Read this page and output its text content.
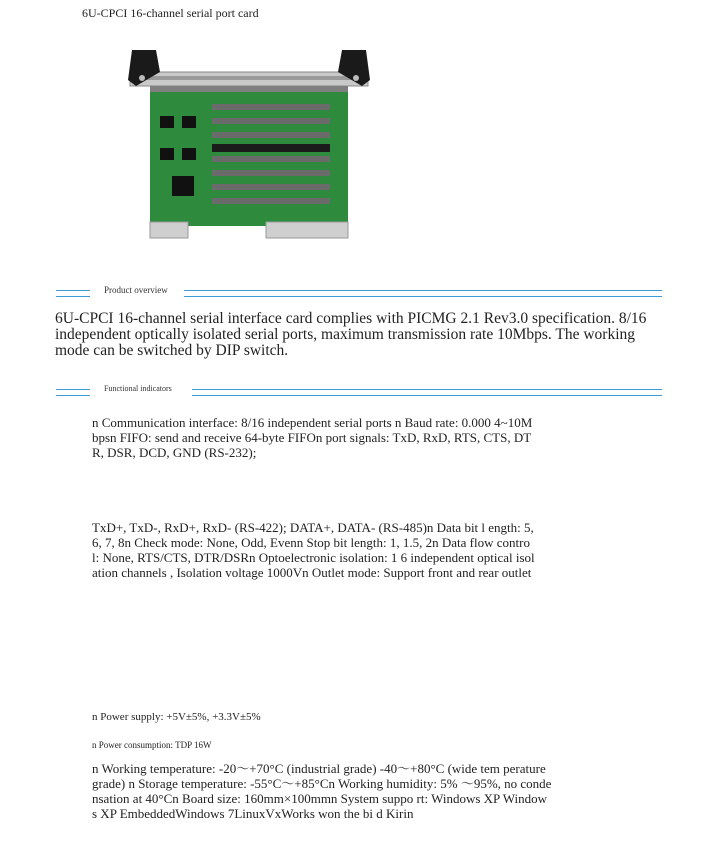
6U-CPCI 16-channel serial port card
Product overview
6U-CPCI 16-channel serial interface card complies with PICMG 2.1 Rev3.0 specification. 8/16 independent optically isolated serial ports, maximum transmission rate 10Mbps. The working mode can be switched by DIP switch.
Functional indicators
n Communication interface: 8/16 independent serial ports n Baud rate: 0.000 4~10Mbpsn FIFO: send and receive 64-byte FIFOn port signals: TxD, RxD, RTS, CTS, DTR, DSR, DCD, GND (RS-232);
TxD+, TxD-, RxD+, RxD- (RS-422); DATA+, DATA- (RS-485)n Data bit l ength: 5, 6, 7, 8n Check mode: None, Odd, Evenn Stop bit length: 1, 1.5, 2n Data flow control: None, RTS/CTS, DTR/DSRn Optoelectronic isolation: 1 6 independent optical isolation channels , Isolation voltage 1000Vn Outlet mode: Support front and rear outlet
n Power supply: +5V±5%, +3.3V±5%
n Power consumption: TDP 16W
n Working temperature: -20～+70°C (industrial grade) -40～+80°C (wide tem perature grade) n Storage temperature: -55°C～+85°Cn Working humidity: 5% ～95%, no condensation at 40°Cn Board size: 160mm×100mmn System suppo rt: Windows XP Windows XP EmbeddedWindows 7LinuxVxWorks won the bi d Kirin
